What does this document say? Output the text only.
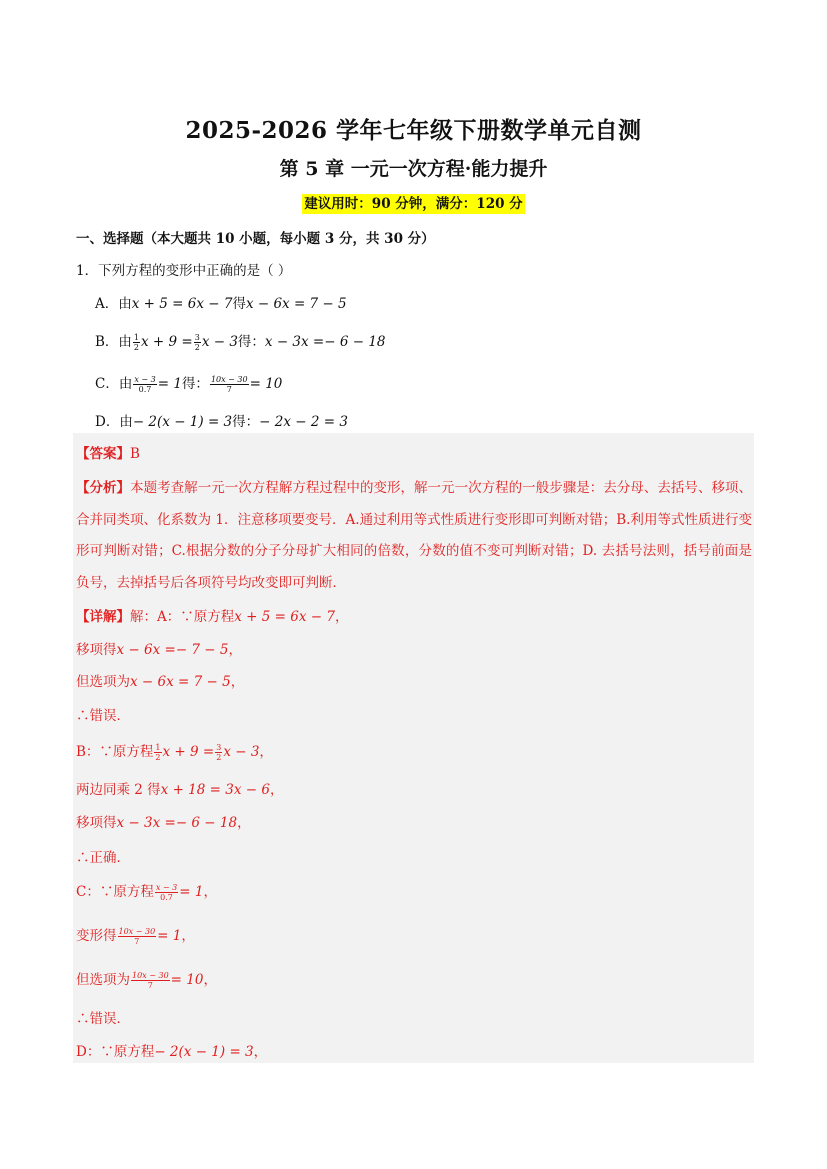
2025-2026 学年七年级下册数学单元自测
第 5 章 一元一次方程·能力提升
建议用时：90 分钟，满分：120 分
一、选择题（本大题共 10 小题，每小题 3 分，共 30 分）
1．下列方程的变形中正确的是（ ）
A．由x + 5 = 6x − 7得x − 6x = 7 − 5
B．由 $\frac{1}{2}$ $x + 9 = \frac{3}{2}$ x − 3得：x − 3x =− 6 − 18
C．由 $\frac{x - 3}{0.7} = 1$得： $\frac{10x - 30}{7} = 10$
D．由− 2(x − 1) = 3得：− 2x − 2 = 3
【答案】B
【分析】本题考查解一元一次方程解方程过程中的变形，解一元一次方程的一般步骤是：去分母、去括号、移项、合并同类项、化系数为 1．注意移项要变号．A.通过利用等式性质进行变形即可判断对错；B.利用等式性质进行变形可判断对错；C.根据分数的分子分母扩大相同的倍数，分数的值不变可判断对错；D. 去括号法则，括号前面是负号，去掉括号后各项符号均改变即可判断．
【详解】解：A：∵原方程x + 5 = 6x − 7，
移项得x − 6x =− 7 − 5，
但选项为x − 6x = 7 − 5，
∴错误．
B：∵原方程 $\frac{1}{2}$ $x + 9 = \frac{3}{2}$ x − 3，
两边同乘 2 得x + 18 = 3x − 6，
移项得x − 3x =− 6 − 18，
∴正确．
C：∵原方程 $\frac{x - 3}{0.7} = 1$，
变形得 $\frac{10x - 30}{7} = 1$，
但选项为 $\frac{10x - 30}{7} = 10$，
∴错误．
D：∵原方程− 2(x − 1) = 3，
